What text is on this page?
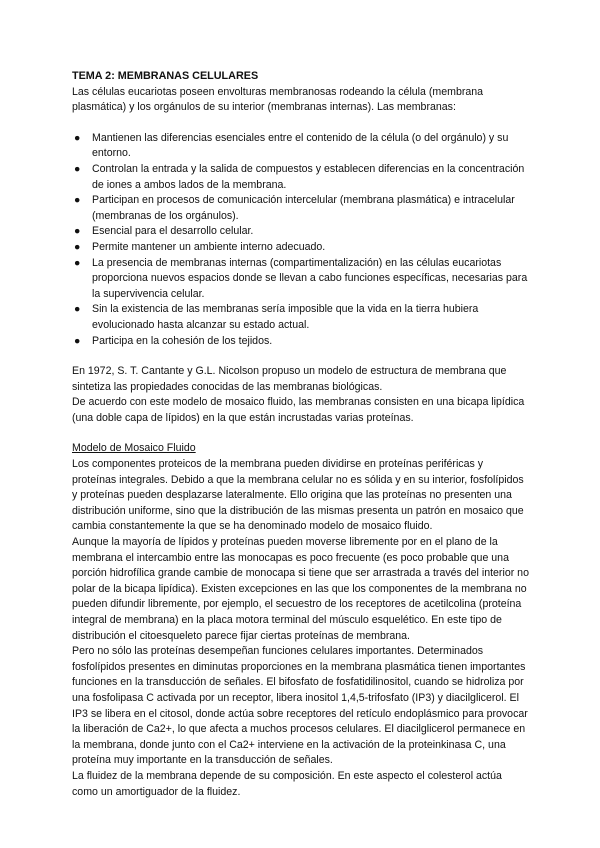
TEMA 2: MEMBRANAS CELULARES

Las células eucariotas poseen envolturas membranosas rodeando la célula (membrana plasmática) y los orgánulos de su interior (membranas internas). Las membranas:

●	Mantienen las diferencias esenciales entre el contenido de la célula (o del orgánulo) y su entorno.
●	Controlan la entrada y la salida de compuestos y establecen diferencias en la concentración de iones a ambos lados de la membrana.
●	Participan en procesos de comunicación intercelular (membrana plasmática) e intracelular (membranas de los orgánulos).
●	Esencial para el desarrollo celular.
●	Permite mantener un ambiente interno adecuado.
●	La presencia de membranas internas (compartimentalización) en las células eucariotas proporciona nuevos espacios donde se llevan a cabo funciones específicas, necesarias para la supervivencia celular.
●	Sin la existencia de las membranas sería imposible que la vida en la tierra hubiera evolucionado hasta alcanzar su estado actual.
●	Participa en la cohesión de los tejidos.

En 1972, S. T. Cantante y G.L. Nicolson propuso un modelo de estructura de membrana que sintetiza las propiedades conocidas de las membranas biológicas.

De acuerdo con este modelo de mosaico fluido, las membranas consisten en una bicapa lipídica (una doble capa de lípidos) en la que están incrustadas varias proteínas.

Modelo de Mosaico Fluido

Los componentes proteicos de la membrana pueden dividirse en proteínas periféricas y proteínas integrales. Debido a que la membrana celular no es sólida y en su interior, fosfolípidos y proteínas pueden desplazarse lateralmente. Ello origina que las proteínas no presenten una distribución uniforme, sino que la distribución de las mismas presenta un patrón en mosaico que cambia constantemente la que se ha denominado modelo de mosaico fluido.

Aunque la mayoría de lípidos y proteínas pueden moverse libremente por en el plano de la membrana el intercambio entre las monocapas es poco frecuente (es poco probable que una porción hidrofílica grande cambie de monocapa si tiene que ser arrastrada a través del interior no polar de la bicapa lipídica). Existen excepciones en las que los componentes de la membrana no pueden difundir libremente, por ejemplo, el secuestro de los receptores de acetilcolina (proteína integral de membrana) en la placa motora terminal del músculo esquelético. En este tipo de distribución el citoesqueleto parece fijar ciertas proteínas de membrana.

Pero no sólo las proteínas desempeñan funciones celulares importantes. Determinados fosfolípidos presentes en diminutas proporciones en la membrana plasmática tienen importantes funciones en la transducción de señales. El bifosfato de fosfatidilinositol, cuando se hidroliza por una fosfolipasa C activada por un receptor, libera inositol 1,4,5-trifosfato (IP3) y diacilglicerol. El IP3 se libera en el citosol, donde actúa sobre receptores del retículo endoplásmico para provocar la liberación de Ca2+, lo que afecta a muchos procesos celulares. El diacilglicerol permanece en la membrana, donde junto con el Ca2+ interviene en la activación de la proteinkinasa C, una proteína muy importante en la transducción de señales.

La fluidez de la membrana depende de su composición. En este aspecto el colesterol actúa como un amortiguador de la fluidez.
